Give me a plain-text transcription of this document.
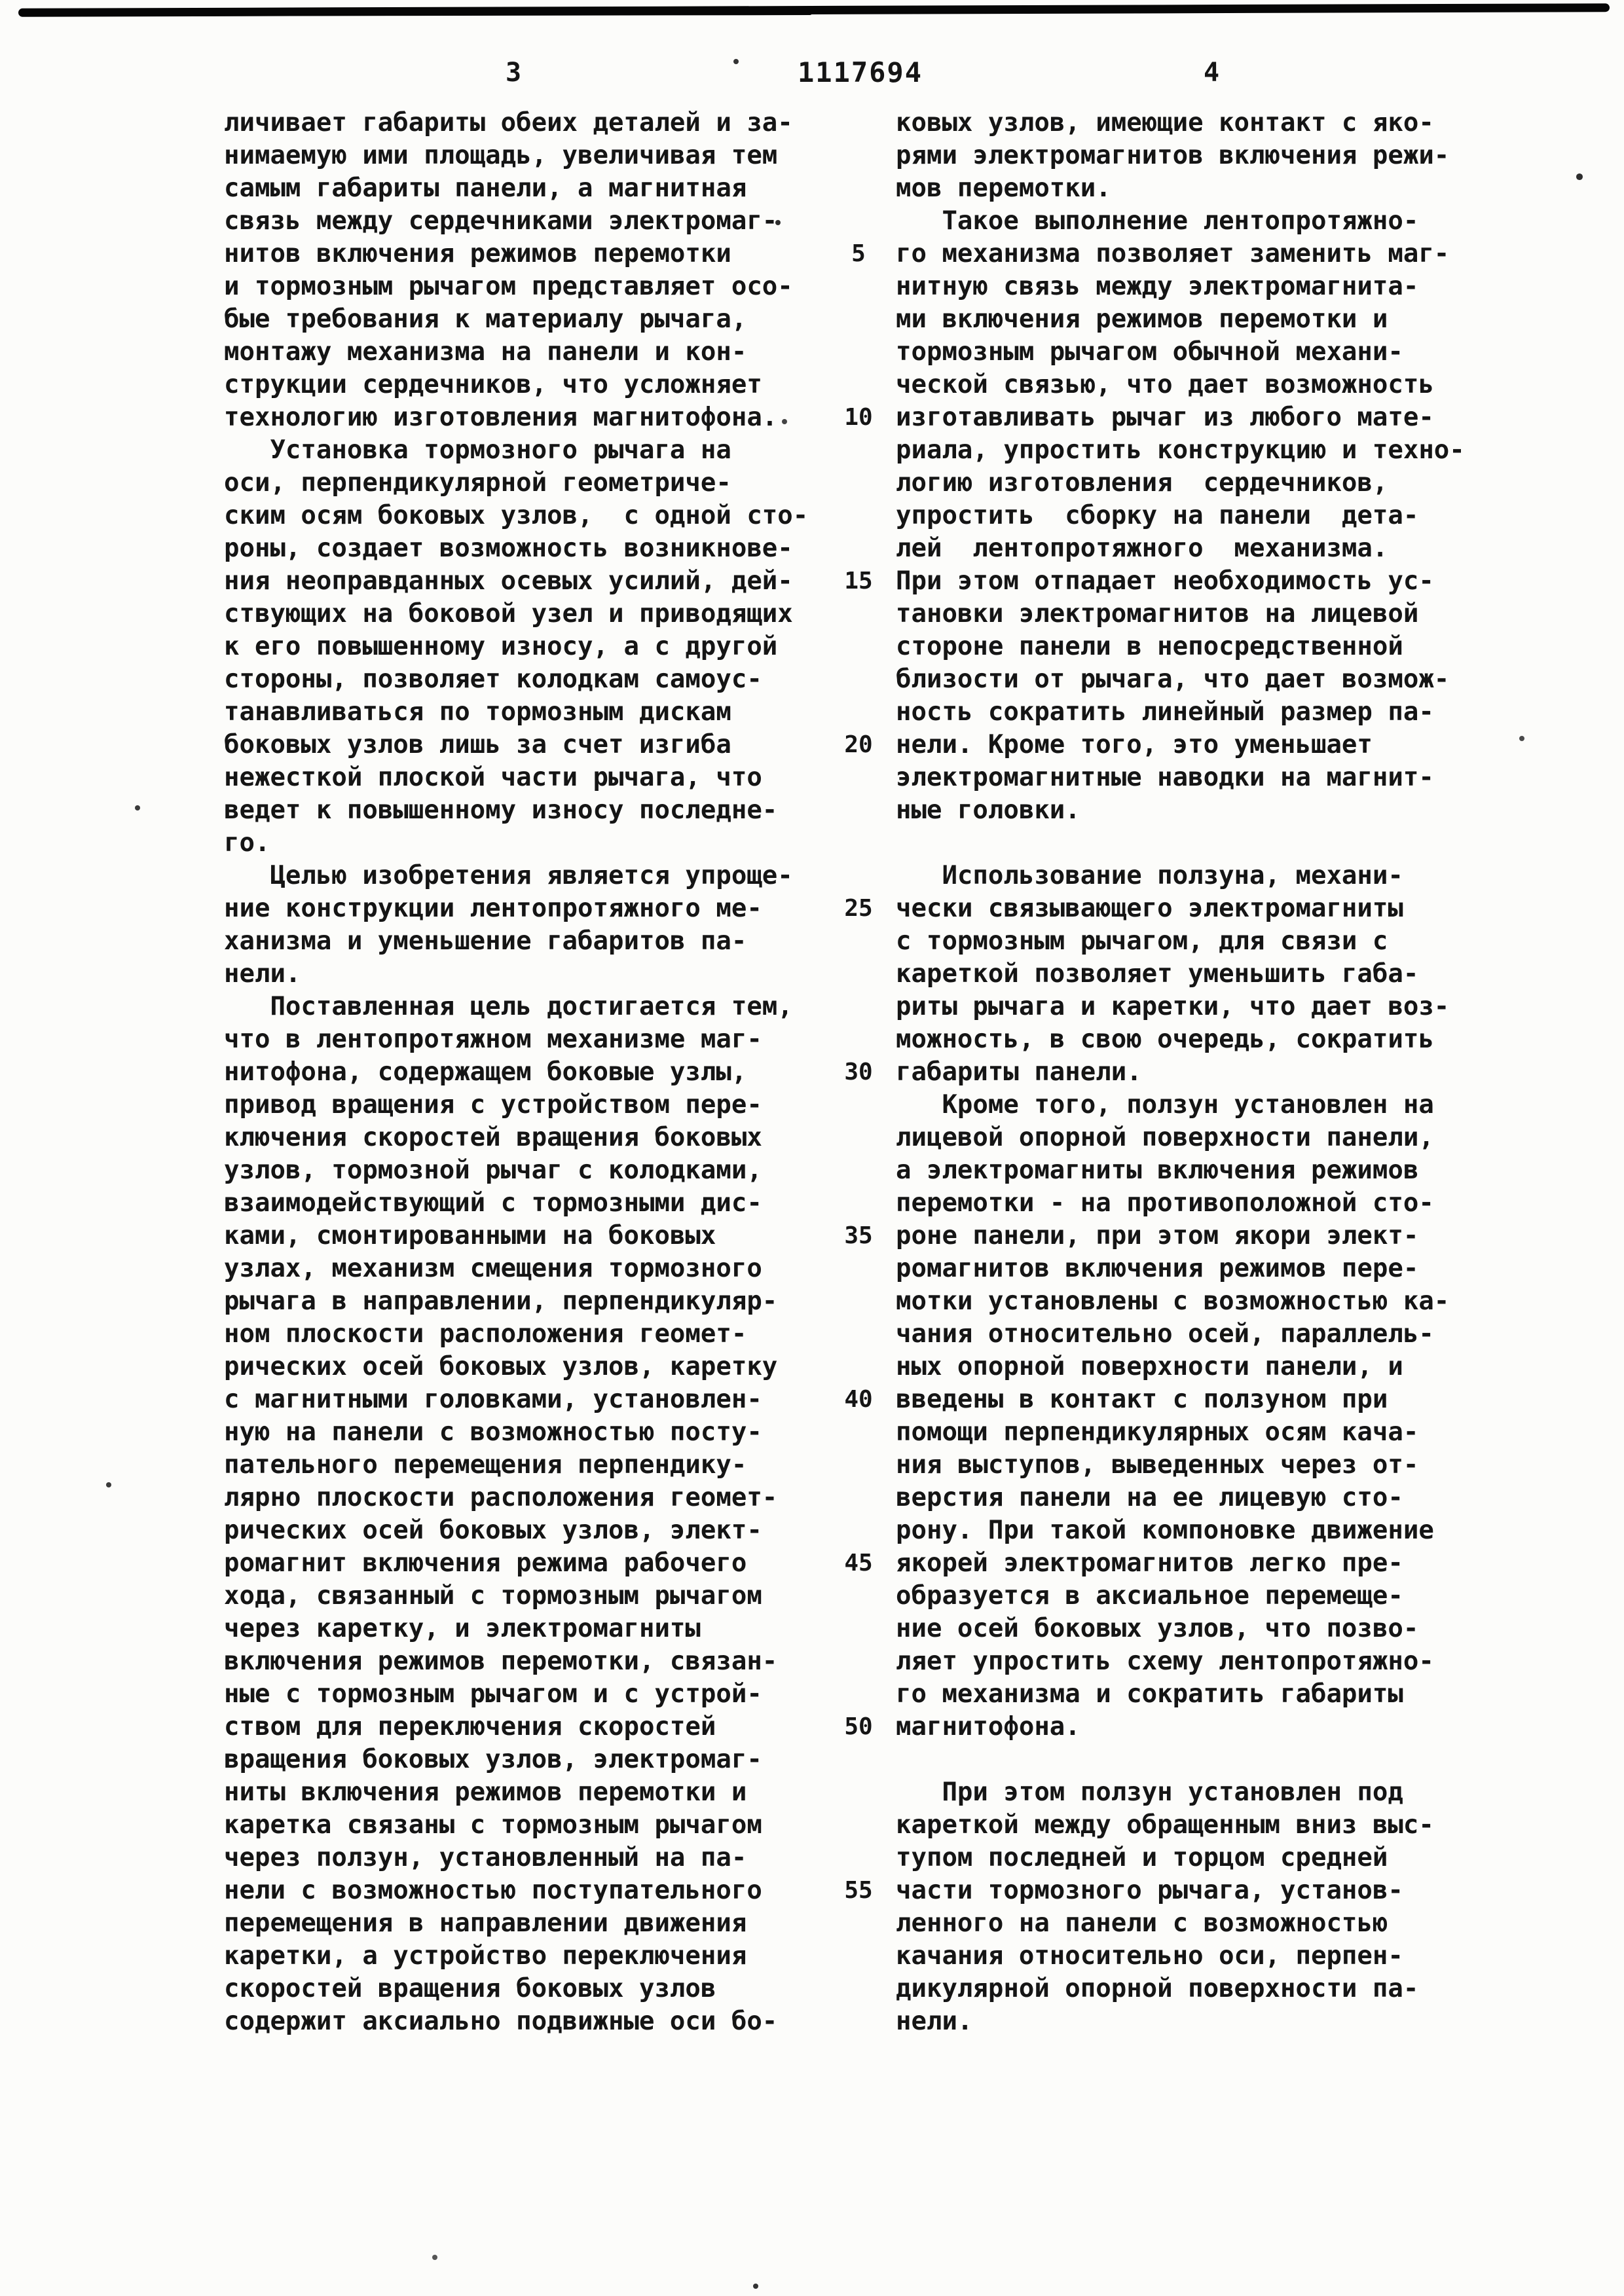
3	1117694	4
личивает габариты обеих деталей и за-
нимаемую ими площадь, увеличивая тем
самым габариты панели, а магнитная
связь между сердечниками электромаг-
нитов включения режимов перемотки
и тормозным рычагом представляет осо-
бые требования к материалу рычага,
монтажу механизма на панели и кон-
струкции сердечников, что усложняет
технологию изготовления магнитофона.
Установка тормозного рычага на
оси, перпендикулярной геометриче-
ским осям боковых узлов,  с одной сто-
роны, создает возможность возникнове-
ния неоправданных осевых усилий, дей-
ствующих на боковой узел и приводящих
к его повышенному износу, а с другой
стороны, позволяет колодкам самоус-
танавливаться по тормозным дискам
боковых узлов лишь за счет изгиба
нежесткой плоской части рычага, что
ведет к повышенному износу последне-
го.
Целью изобретения является упроще-
ние конструкции лентопротяжного ме-
ханизма и уменьшение габаритов па-
нели.
Поставленная цель достигается тем,
что в лентопротяжном механизме маг-
нитофона, содержащем боковые узлы,
привод вращения с устройством пере-
ключения скоростей вращения боковых
узлов, тормозной рычаг с колодками,
взаимодействующий с тормозными дис-
ками, смонтированными на боковых
узлах, механизм смещения тормозного
рычага в направлении, перпендикуляр-
ном плоскости расположения геомет-
рических осей боковых узлов, каретку
с магнитными головками, установлен-
ную на панели с возможностью посту-
пательного перемещения перпендику-
лярно плоскости расположения геомет-
рических осей боковых узлов, элект-
ромагнит включения режима рабочего
хода, связанный с тормозным рычагом
через каретку, и электромагниты
включения режимов перемотки, связан-
ные с тормозным рычагом и с устрой-
ством для переключения скоростей
вращения боковых узлов, электромаг-
ниты включения режимов перемотки и
каретка связаны с тормозным рычагом
через ползун, установленный на па-
нели с возможностью поступательного
перемещения в направлении движения
каретки, а устройство переключения
скоростей вращения боковых узлов
содержит аксиально подвижные оси бо-
5
10
15
20
25
30
35
40
45
50
55
ковых узлов, имеющие контакт с яко-
рями электромагнитов включения режи-
мов перемотки.
Такое выполнение лентопротяжно-
го механизма позволяет заменить маг-
нитную связь между электромагнита-
ми включения режимов перемотки и
тормозным рычагом обычной механи-
ческой связью, что дает возможность
изготавливать рычаг из любого мате-
риала, упростить конструкцию и техно-
логию изготовления  сердечников,
упростить  сборку на панели  дета-
лей  лентопротяжного  механизма.
При этом отпадает необходимость ус-
тановки электромагнитов на лицевой
стороне панели в непосредственной
близости от рычага, что дает возмож-
ность сократить линейный размер па-
нели. Кроме того, это уменьшает
электромагнитные наводки на магнит-
ные головки.
Использование ползуна, механи-
чески связывающего электромагниты
с тормозным рычагом, для связи с
кареткой позволяет уменьшить габа-
риты рычага и каретки, что дает воз-
можность, в свою очередь, сократить
габариты панели.
Кроме того, ползун установлен на
лицевой опорной поверхности панели,
а электромагниты включения режимов
перемотки - на противоположной сто-
роне панели, при этом якори элект-
ромагнитов включения режимов пере-
мотки установлены с возможностью ка-
чания относительно осей, параллель-
ных опорной поверхности панели, и
введены в контакт с ползуном при
помощи перпендикулярных осям кача-
ния выступов, выведенных через от-
верстия панели на ее лицевую сто-
рону. При такой компоновке движение
якорей электромагнитов легко пре-
образуется в аксиальное перемеще-
ние осей боковых узлов, что позво-
ляет упростить схему лентопротяжно-
го механизма и сократить габариты
магнитофона.
При этом ползун установлен под
кареткой между обращенным вниз выс-
тупом последней и торцом средней
части тормозного рычага, установ-
ленного на панели с возможностью
качания относительно оси, перпен-
дикулярной опорной поверхности па-
нели.
